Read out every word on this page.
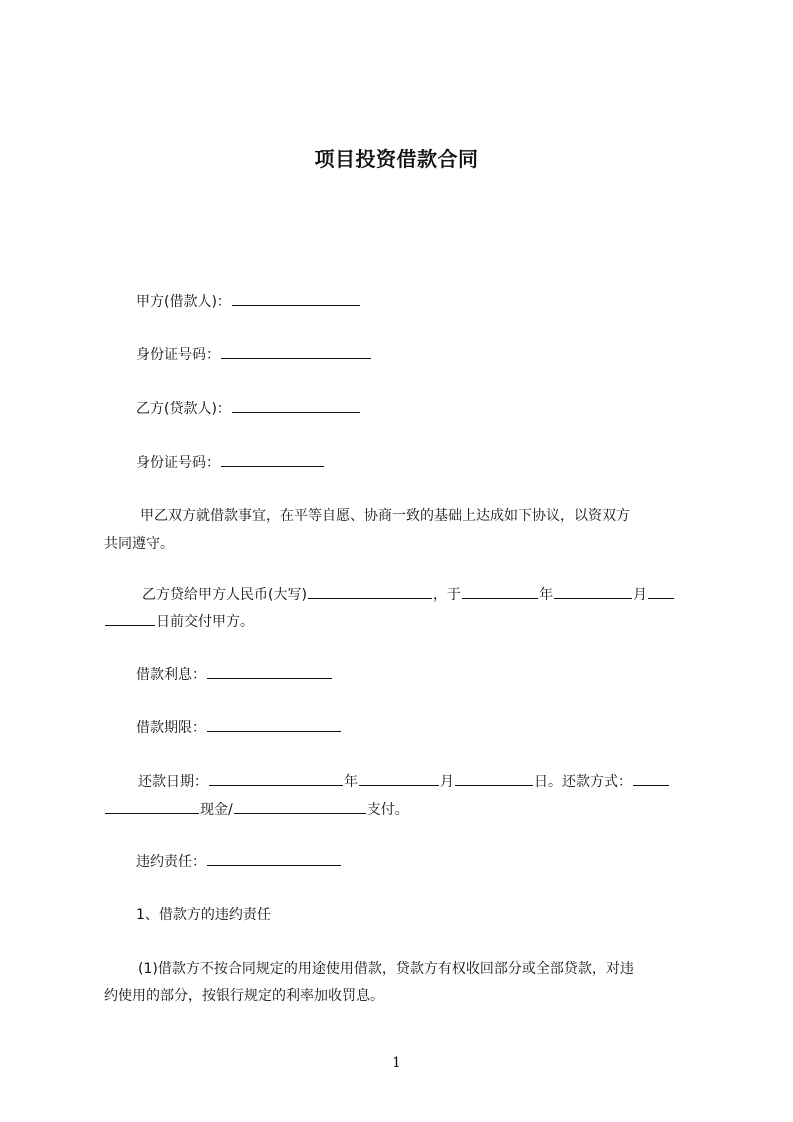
项目投资借款合同
甲方(借款人)：
身份证号码：
乙方(贷款人)：
身份证号码：
甲乙双方就借款事宜，在平等自愿、协商一致的基础上达成如下协议，以资双方
共同遵守。
乙方贷给甲方人民币(大写)	，于	年	月
日前交付甲方。
借款利息：
借款期限：
还款日期：	年	月	日。还款方式：
现金/	支付。
违约责任：
1、借款方的违约责任
(1)借款方不按合同规定的用途使用借款，贷款方有权收回部分或全部贷款，对违
约使用的部分，按银行规定的利率加收罚息。
1
